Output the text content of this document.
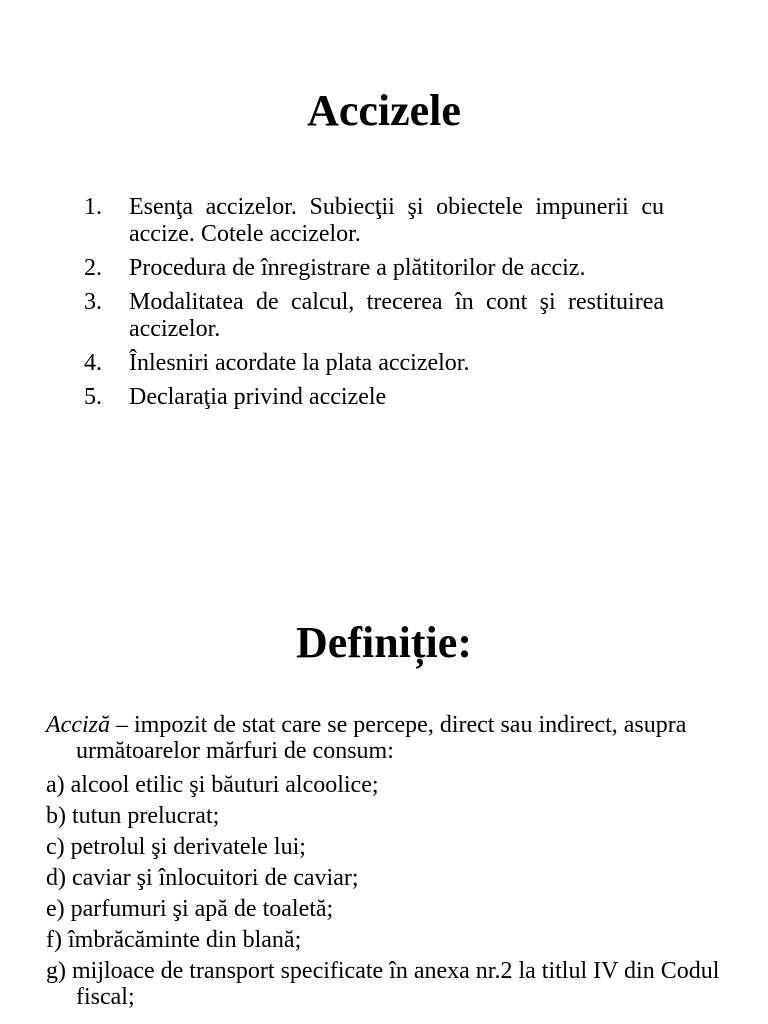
Accizele
1.	Esenţa accizelor. Subiecţii şi obiectele impunerii cu accize. Cotele accizelor.
2.	Procedura de înregistrare a plătitorilor de acciz.
3.	Modalitatea de calcul, trecerea în cont şi restituirea accizelor.
4.	Înlesniri acordate la plata accizelor.
5.	Declaraţia privind accizele
Definiție:

Acciză – impozit de stat care se percepe, direct sau indirect, asupra următoarelor mărfuri de consum:

a) alcool etilic şi băuturi alcoolice;
b) tutun prelucrat;
c) petrolul şi derivatele lui;
d) caviar şi înlocuitori de caviar;
e) parfumuri şi apă de toaletă;
f) îmbrăcăminte din blană;
g) mijloace de transport specificate în anexa nr.2 la titlul IV din Codul fiscal;
